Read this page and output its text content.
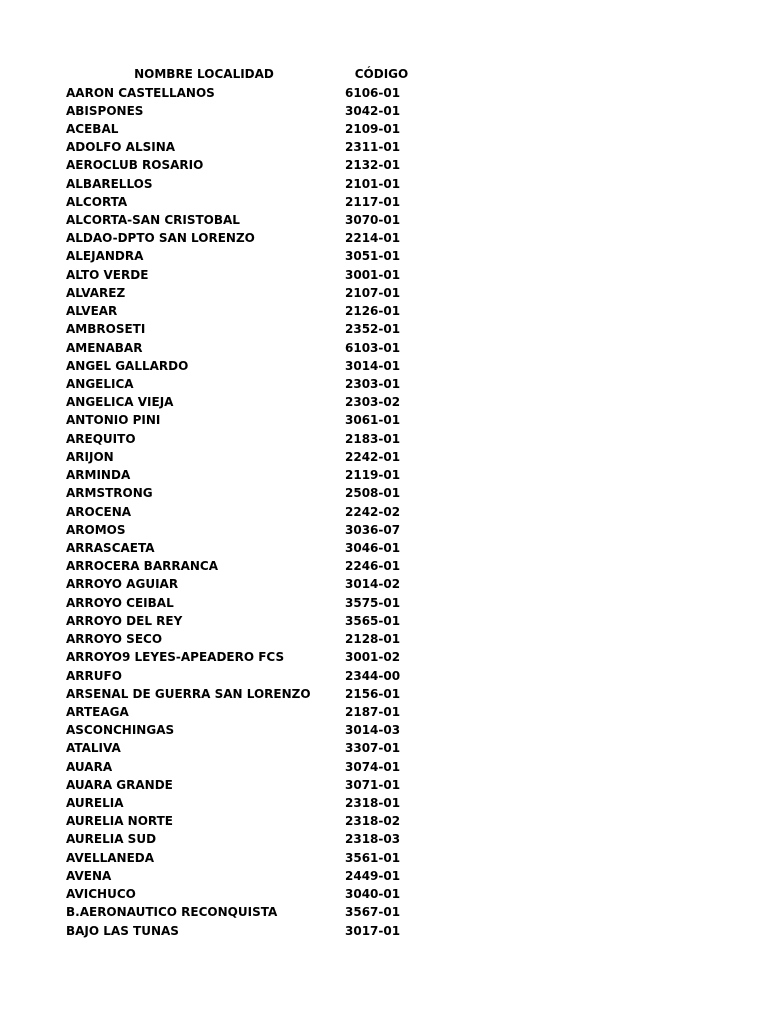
NOMBRE LOCALIDAD	CÓDIGO
AARON CASTELLANOS	6106-01
ABISPONES	3042-01
ACEBAL	2109-01
ADOLFO ALSINA	2311-01
AEROCLUB ROSARIO	2132-01
ALBARELLOS	2101-01
ALCORTA	2117-01
ALCORTA-SAN CRISTOBAL	3070-01
ALDAO-DPTO SAN LORENZO	2214-01
ALEJANDRA	3051-01
ALTO VERDE	3001-01
ALVAREZ	2107-01
ALVEAR	2126-01
AMBROSETI	2352-01
AMENABAR	6103-01
ANGEL GALLARDO	3014-01
ANGELICA	2303-01
ANGELICA VIEJA	2303-02
ANTONIO PINI	3061-01
AREQUITO	2183-01
ARIJON	2242-01
ARMINDA	2119-01
ARMSTRONG	2508-01
AROCENA	2242-02
AROMOS	3036-07
ARRASCAETA	3046-01
ARROCERA BARRANCA	2246-01
ARROYO AGUIAR	3014-02
ARROYO CEIBAL	3575-01
ARROYO DEL REY	3565-01
ARROYO SECO	2128-01
ARROYO9 LEYES-APEADERO FCS	3001-02
ARRUFO	2344-00
ARSENAL DE GUERRA SAN LORENZO	2156-01
ARTEAGA	2187-01
ASCONCHINGAS	3014-03
ATALIVA	3307-01
AUARA	3074-01
AUARA GRANDE	3071-01
AURELIA	2318-01
AURELIA NORTE	2318-02
AURELIA SUD	2318-03
AVELLANEDA	3561-01
AVENA	2449-01
AVICHUCO	3040-01
B.AERONAUTICO RECONQUISTA	3567-01
BAJO LAS TUNAS	3017-01
